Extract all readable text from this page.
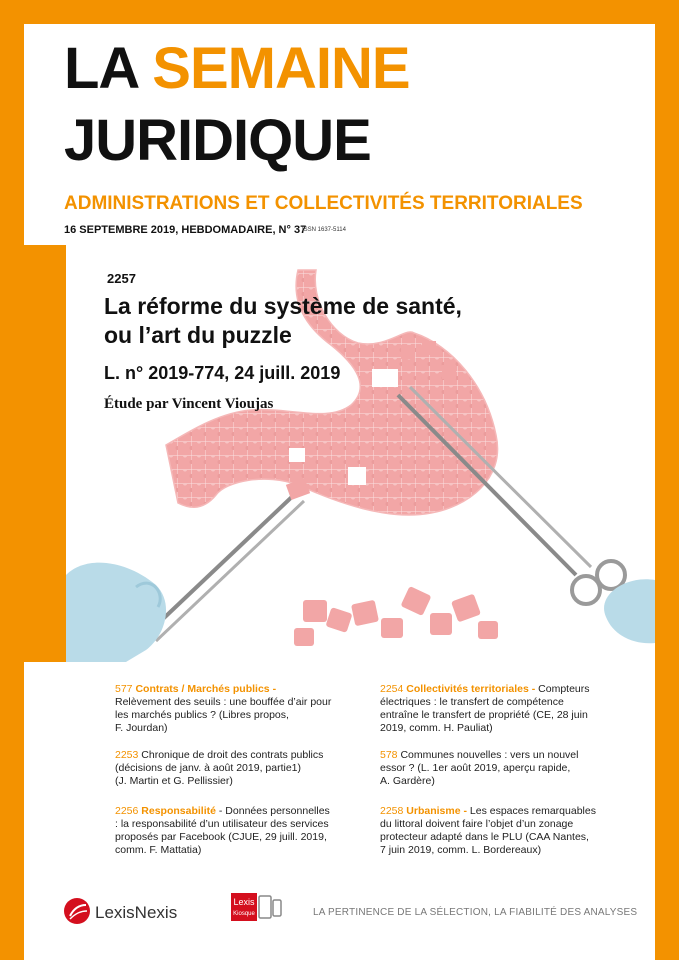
LA SEMAINE
JURIDIQUE
ADMINISTRATIONS ET COLLECTIVITÉS TERRITORIALES
16 SEPTEMBRE 2019, HEBDOMADAIRE, N° 37
ISSN 1637-5114
2257
La réforme du système de santé,
ou l’art du puzzle
L. n° 2019-774, 24 juill. 2019
Étude par Vincent Vioujas
577 Contrats / Marchés publics -
Relèvement des seuils : une bouffée d’air pour
les marchés publics ? (Libres propos,
F. Jourdan)
2253 Chronique de droit des contrats publics
(décisions de janv. à août 2019, partie1)
(J. Martin et G. Pellissier)
2256 Responsabilité - Données personnelles
: la responsabilité d’un utilisateur des services
proposés par Facebook (CJUE, 29 juill. 2019,
comm. F. Mattatia)
2254 Collectivités territoriales - Compteurs
électriques : le transfert de compétence
entraîne le transfert de propriété (CE, 28 juin
2019, comm. H. Pauliat)
578 Communes nouvelles : vers un nouvel
essor ? (L. 1er août 2019, aperçu rapide,
A. Gardère)
2258 Urbanisme - Les espaces remarquables
du littoral doivent faire l’objet d’un zonage
protecteur adapté dans le PLU (CAA Nantes,
7 juin 2019, comm. L. Bordereaux)
LexisNexis
Lexis
Kiosque	LA PERTINENCE DE LA SÉLECTION, LA FIABILITÉ DES ANALYSES
